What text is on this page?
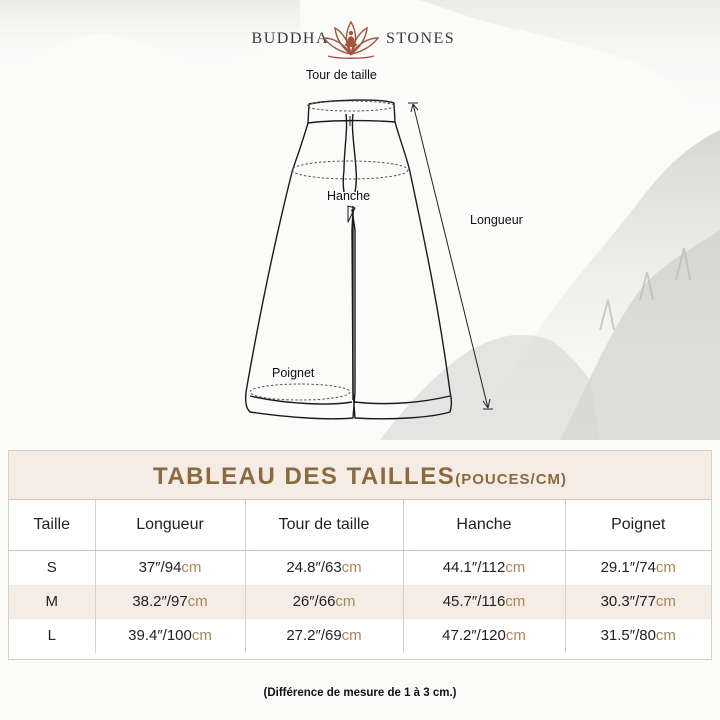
BUDDHA	STONES
Tour de taille
Hanche
Longueur
Poignet
TABLEAU DES TAILLES(POUCES/CM)
Taille	Longueur	Tour de taille	Hanche	Poignet
S	37″/94cm	24.8″/63cm	44.1″/112cm	29.1″/74cm
M	38.2″/97cm	26″/66cm	45.7″/116cm	30.3″/77cm
L	39.4″/100cm	27.2″/69cm	47.2″/120cm	31.5″/80cm
(Différence de mesure de 1 à 3 cm.)
